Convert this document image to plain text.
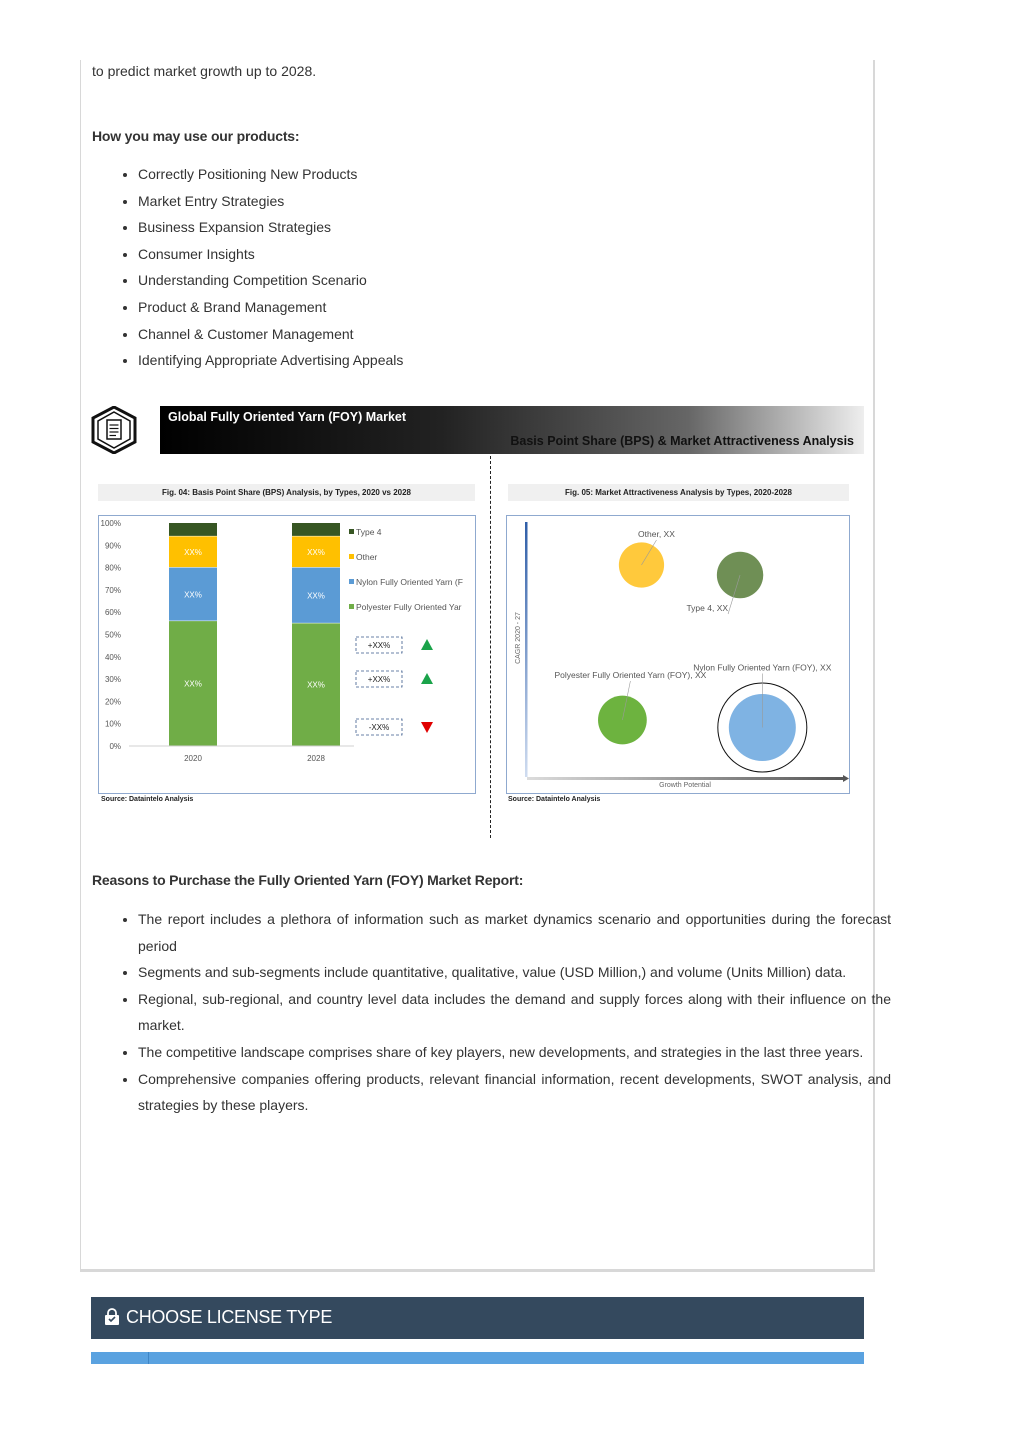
to predict market growth up to 2028.
How you may use our products:
• Correctly Positioning New Products
• Market Entry Strategies
• Business Expansion Strategies
• Consumer Insights
• Understanding Competition Scenario
• Product & Brand Management
• Channel & Customer Management
• Identifying Appropriate Advertising Appeals
Global Fully Oriented Yarn (FOY) Market
Basis Point Share (BPS) & Market Attractiveness Analysis
Fig. 04: Basis Point Share (BPS) Analysis, by Types, 2020 vs 2028
0%
10%
20%
30%
40%
50%
60%
70%
80%
90%
100%
XX%
XX%
XX%
2020
XX%
XX%
XX%
2028
Type 4
Other
Nylon Fully Oriented Yarn (F
Polyester Fully Oriented Yar
+XX%
+XX%
-XX%
Source: Dataintelo Analysis
Fig. 05: Market Attractiveness Analysis by Types, 2020-2028
CAGR 2020 - 27
Growth Potential
Other, XX
Type 4, XX
Polyester Fully Oriented Yarn (FOY), XX
Nylon Fully Oriented Yarn (FOY), XX
Source: Dataintelo Analysis
Reasons to Purchase the Fully Oriented Yarn (FOY) Market Report:
• The report includes a plethora of information such as market dynamics scenario and opportunities during the forecast period
• Segments and sub-segments include quantitative, qualitative, value (USD Million,) and volume (Units Million) data.
• Regional, sub-regional, and country level data includes the demand and supply forces along with their influence on the market.
• The competitive landscape comprises share of key players, new developments, and strategies in the last three years.
• Comprehensive companies offering products, relevant financial information, recent developments, SWOT analysis, and strategies by these players.
CHOOSE LICENSE TYPE
